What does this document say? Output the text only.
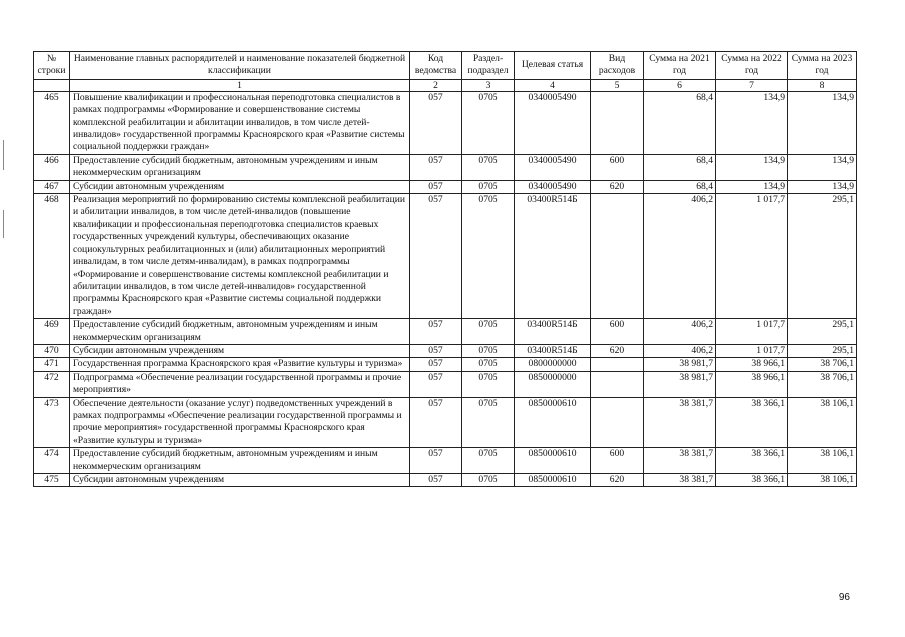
№ строки	Наименование главных распорядителей и наименование показателей бюджетной классификации	Код ведомства	Раздел-подраздел	Целевая статья	Вид расходов	Сумма на 2021 год	Сумма на 2022 год	Сумма на 2023 год
	1	2	3	4	5	6	7	8
465	Повышение квалификации и профессиональная переподготовка специалистов в рамках подпрограммы «Формирование и совершенствование системы комплексной реабилитации и абилитации инвалидов, в том числе детей-инвалидов» государственной программы Красноярского края «Развитие системы социальной поддержки граждан»	057	0705	0340005490		68,4	134,9	134,9
466	Предоставление субсидий бюджетным, автономным учреждениям и иным некоммерческим организациям	057	0705	0340005490	600	68,4	134,9	134,9
467	Субсидии автономным учреждениям	057	0705	0340005490	620	68,4	134,9	134,9
468	Реализация мероприятий по формированию системы комплексной реабилитации и абилитации инвалидов, в том числе детей-инвалидов (повышение квалификации и профессиональная переподготовка специалистов краевых государственных учреждений культуры, обеспечивающих оказание социокультурных реабилитационных и (или) абилитационных мероприятий инвалидам, в том числе детям-инвалидам), в рамках подпрограммы «Формирование и совершенствование системы комплексной реабилитации и абилитации инвалидов, в том числе детей-инвалидов» государственной программы Красноярского края «Развитие системы социальной поддержки граждан»	057	0705	03400R514Б		406,2	1 017,7	295,1
469	Предоставление субсидий бюджетным, автономным учреждениям и иным некоммерческим организациям	057	0705	03400R514Б	600	406,2	1 017,7	295,1
470	Субсидии автономным учреждениям	057	0705	03400R514Б	620	406,2	1 017,7	295,1
471	Государственная программа Красноярского края «Развитие культуры и туризма»	057	0705	0800000000		38 981,7	38 966,1	38 706,1
472	Подпрограмма «Обеспечение реализации государственной программы и прочие мероприятия»	057	0705	0850000000		38 981,7	38 966,1	38 706,1
473	Обеспечение деятельности (оказание услуг) подведомственных учреждений в рамках подпрограммы «Обеспечение реализации государственной программы и прочие мероприятия» государственной программы Красноярского края «Развитие культуры и туризма»	057	0705	0850000610		38 381,7	38 366,1	38 106,1
474	Предоставление субсидий бюджетным, автономным учреждениям и иным некоммерческим организациям	057	0705	0850000610	600	38 381,7	38 366,1	38 106,1
475	Субсидии автономным учреждениям	057	0705	0850000610	620	38 381,7	38 366,1	38 106,1
96
